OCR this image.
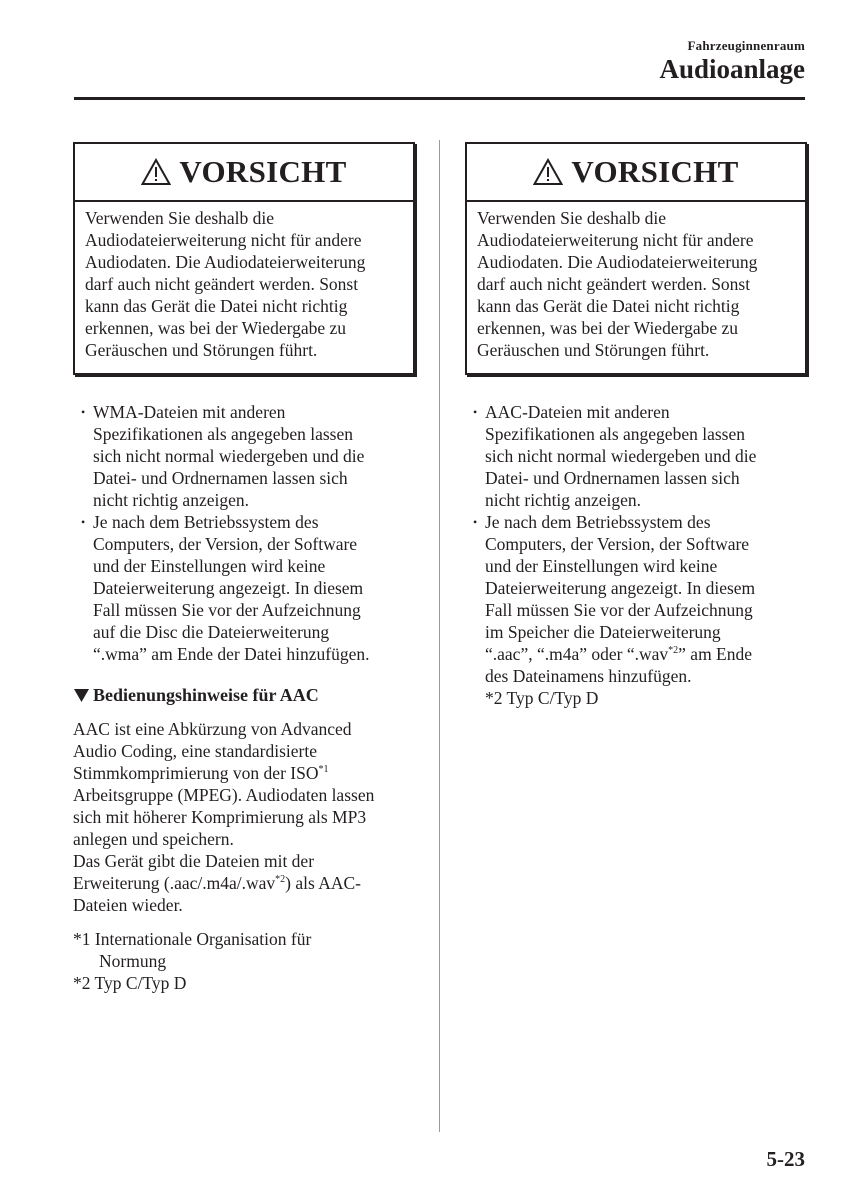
Fahrzeuginnenraum
Audioanlage
VORSICHT

Verwenden Sie deshalb die

Audiodateierweiterung nicht für andere

Audiodaten. Die Audiodateierweiterung

darf auch nicht geändert werden. Sonst

kann das Gerät die Datei nicht richtig

erkennen, was bei der Wiedergabe zu

Geräuschen und Störungen führt.

• WMA-Dateien mit anderen
Spezifikationen als angegeben lassen
sich nicht normal wiedergeben und die
Datei- und Ordnernamen lassen sich
nicht richtig anzeigen.
• Je nach dem Betriebssystem des
Computers, der Version, der Software
und der Einstellungen wird keine
Dateierweiterung angezeigt. In diesem
Fall müssen Sie vor der Aufzeichnung
auf die Disc die Dateierweiterung
“.wma” am Ende der Datei hinzufügen.
Bedienungshinweise für AAC

AAC ist eine Abkürzung von Advanced

Audio Coding, eine standardisierte

Stimmkomprimierung von der ISO$^{*1}$

Arbeitsgruppe (MPEG). Audiodaten lassen

sich mit höherer Komprimierung als MP3

anlegen und speichern.

Das Gerät gibt die Dateien mit der

Erweiterung (.aac/.m4a/.wav$^{*2}$) als AAC-

Dateien wieder.

*1 Internationale Organisation für
Normung
*2 Typ C/Typ D
VORSICHT

Verwenden Sie deshalb die

Audiodateierweiterung nicht für andere

Audiodaten. Die Audiodateierweiterung

darf auch nicht geändert werden. Sonst

kann das Gerät die Datei nicht richtig

erkennen, was bei der Wiedergabe zu

Geräuschen und Störungen führt.

• AAC-Dateien mit anderen
Spezifikationen als angegeben lassen
sich nicht normal wiedergeben und die
Datei- und Ordnernamen lassen sich
nicht richtig anzeigen.
• Je nach dem Betriebssystem des
Computers, der Version, der Software
und der Einstellungen wird keine
Dateierweiterung angezeigt. In diesem
Fall müssen Sie vor der Aufzeichnung
im Speicher die Dateierweiterung
“.aac”, “.m4a” oder “.wav$^{*2}$” am Ende
des Dateinamens hinzufügen.
*2 Typ C/Typ D
5-23
